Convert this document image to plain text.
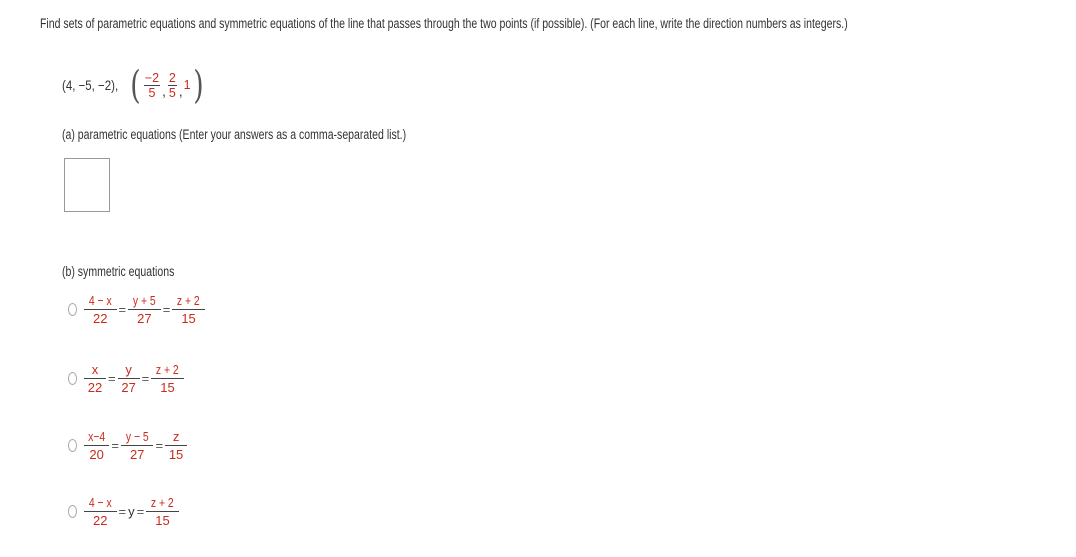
Find sets of parametric equations and symmetric equations of the line that passes through the two points (if possible). (For each line, write the direction numbers as integers.)
(4, −5, −2), ( $\frac{-2}{5}$ , $\frac{2}{5}$ , 1 )
(a) parametric equations (Enter your answers as a comma-separated list.)
(b) symmetric equations
$\frac{4 - x}{22} = \frac{y + 5}{27} = \frac{z + 2}{15}$
$\frac{x}{22} = \frac{y}{27} = \frac{z + 2}{15}$
$\frac{x-4}{20} = \frac{y - 5}{27} = \frac{z}{15}$
$\frac{4 - x}{22} = y = \frac{z + 2}{15}$
